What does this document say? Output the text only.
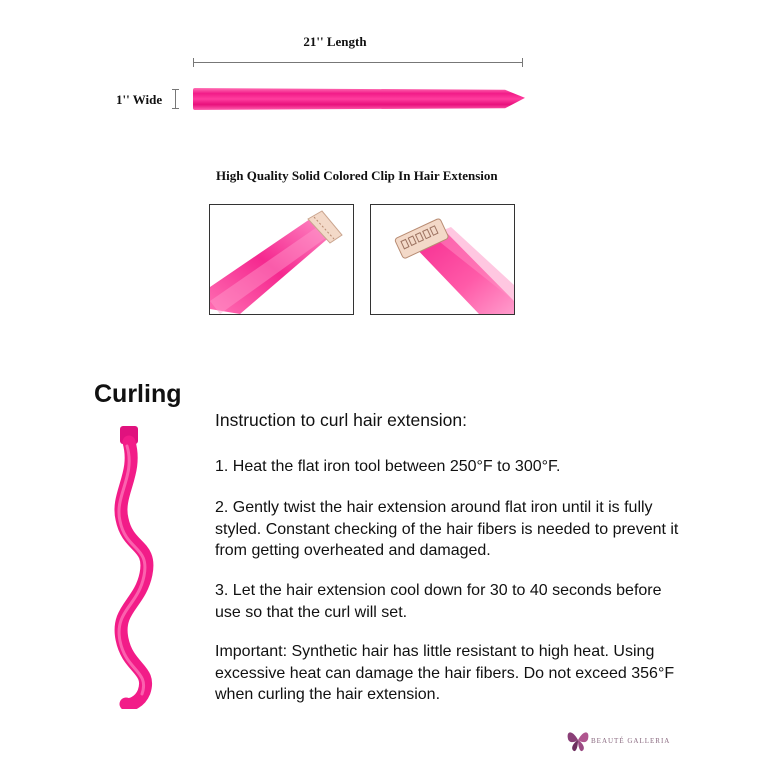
21'' Length
1'' Wide
High Quality Solid Colored Clip In Hair Extension
Curling
Instruction to curl hair extension:
1. Heat the flat iron tool between 250°F to 300°F.
2. Gently twist the hair extension around flat iron until it is fully styled. Constant checking of the hair fibers is needed to prevent it from getting overheated and damaged.
3. Let the hair extension cool down for 30 to 40 seconds before use so that the curl will set.
Important: Synthetic hair has little resistant to high heat. Using excessive heat can damage the hair fibers. Do not exceed 356°F when curling the hair extension.
BEAUTÉ GALLERIA
